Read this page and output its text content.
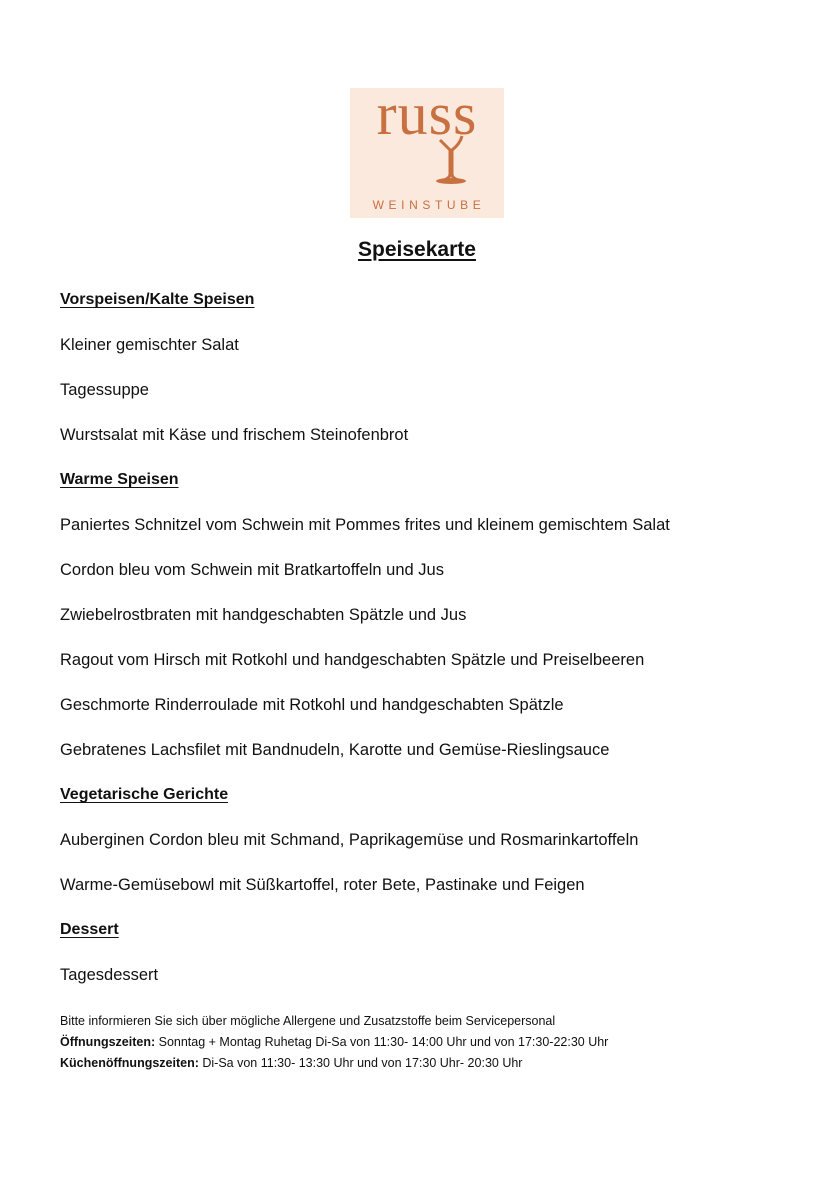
russ
WEINSTUBE
Speisekarte
Vorspeisen/Kalte Speisen
Kleiner gemischter Salat
Tagessuppe
Wurstsalat mit Käse und frischem Steinofenbrot
Warme Speisen
Paniertes Schnitzel vom Schwein mit Pommes frites und kleinem gemischtem Salat
Cordon bleu vom Schwein mit Bratkartoffeln und Jus
Zwiebelrostbraten mit handgeschabten Spätzle und Jus
Ragout vom Hirsch mit Rotkohl und handgeschabten Spätzle und Preiselbeeren
Geschmorte Rinderroulade mit Rotkohl und handgeschabten Spätzle
Gebratenes Lachsfilet mit Bandnudeln, Karotte und Gemüse-Rieslingsauce
Vegetarische Gerichte
Auberginen Cordon bleu mit Schmand, Paprikagemüse und Rosmarinkartoffeln
Warme-Gemüsebowl mit Süßkartoffel, roter Bete, Pastinake und Feigen
Dessert
Tagesdessert
Bitte informieren Sie sich über mögliche Allergene und Zusatzstoffe beim Servicepersonal
Öffnungszeiten: Sonntag + Montag Ruhetag Di-Sa von 11:30- 14:00 Uhr und von 17:30-22:30 Uhr
Küchenöffnungszeiten: Di-Sa von 11:30- 13:30 Uhr und von 17:30 Uhr- 20:30 Uhr
